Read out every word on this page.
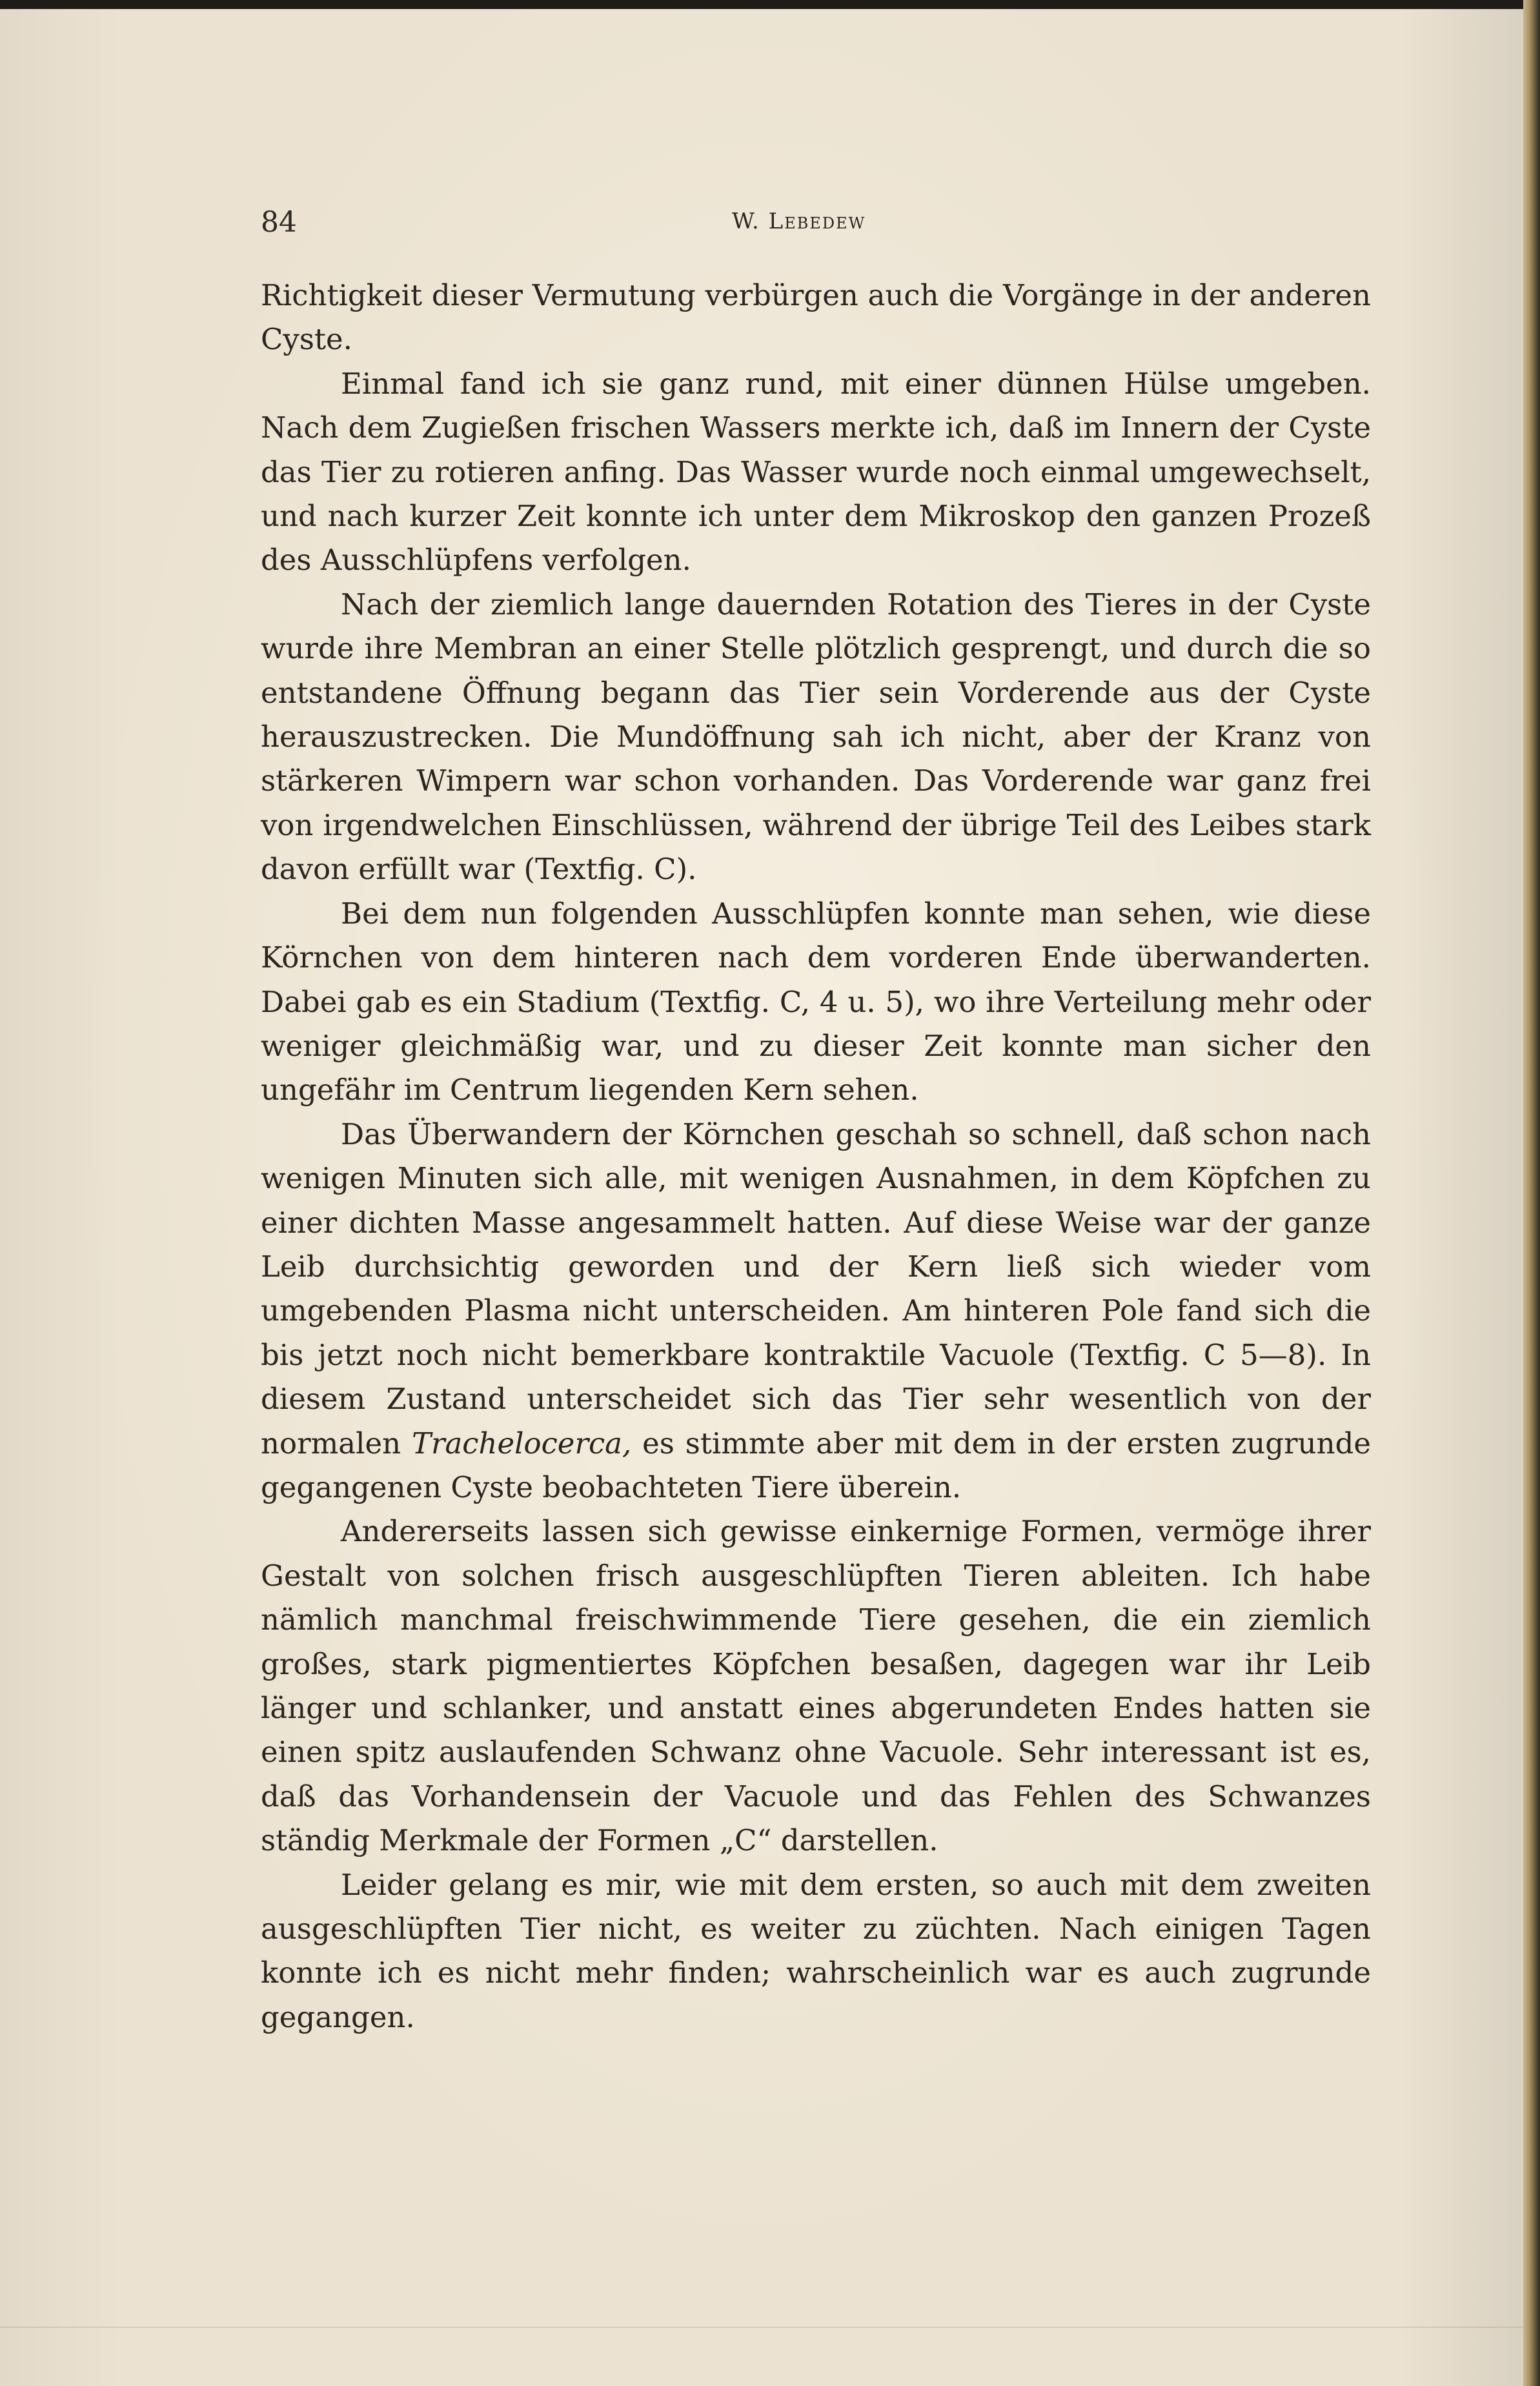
84	W. Lebedew

Richtigkeit dieser Vermutung verbürgen auch die Vorgänge in der anderen Cyste.

Einmal fand ich sie ganz rund, mit einer dünnen Hülse umgeben. Nach dem Zugießen frischen Wassers merkte ich, daß im Innern der Cyste das Tier zu rotieren anfing. Das Wasser wurde noch einmal umgewechselt, und nach kurzer Zeit konnte ich unter dem Mikroskop den ganzen Prozeß des Ausschlüpfens verfolgen.

Nach der ziemlich lange dauernden Rotation des Tieres in der Cyste wurde ihre Membran an einer Stelle plötzlich gesprengt, und durch die so entstandene Öffnung begann das Tier sein Vorderende aus der Cyste herauszustrecken. Die Mundöffnung sah ich nicht, aber der Kranz von stärkeren Wimpern war schon vorhanden. Das Vorderende war ganz frei von irgendwelchen Einschlüssen, während der übrige Teil des Leibes stark davon erfüllt war (Textfig. C).

Bei dem nun folgenden Ausschlüpfen konnte man sehen, wie diese Körnchen von dem hinteren nach dem vorderen Ende überwanderten. Dabei gab es ein Stadium (Textfig. C, 4 u. 5), wo ihre Verteilung mehr oder weniger gleichmäßig war, und zu dieser Zeit konnte man sicher den ungefähr im Centrum liegenden Kern sehen.

Das Überwandern der Körnchen geschah so schnell, daß schon nach wenigen Minuten sich alle, mit wenigen Ausnahmen, in dem Köpfchen zu einer dichten Masse angesammelt hatten. Auf diese Weise war der ganze Leib durchsichtig geworden und der Kern ließ sich wieder vom umgebenden Plasma nicht unterscheiden. Am hinteren Pole fand sich die bis jetzt noch nicht bemerkbare kontraktile Vacuole (Textfig. C 5—8). In diesem Zustand unterscheidet sich das Tier sehr wesentlich von der normalen Trachelocerca, es stimmte aber mit dem in der ersten zugrunde gegangenen Cyste beobachteten Tiere überein.

Andererseits lassen sich gewisse einkernige Formen, vermöge ihrer Gestalt von solchen frisch ausgeschlüpften Tieren ableiten. Ich habe nämlich manchmal freischwimmende Tiere gesehen, die ein ziemlich großes, stark pigmentiertes Köpfchen besaßen, dagegen war ihr Leib länger und schlanker, und anstatt eines abgerundeten Endes hatten sie einen spitz auslaufenden Schwanz ohne Vacuole. Sehr interessant ist es, daß das Vorhandensein der Vacuole und das Fehlen des Schwanzes ständig Merkmale der Formen „C“ darstellen.

Leider gelang es mir, wie mit dem ersten, so auch mit dem zweiten ausgeschlüpften Tier nicht, es weiter zu züchten. Nach einigen Tagen konnte ich es nicht mehr finden; wahrscheinlich war es auch zugrunde gegangen.
